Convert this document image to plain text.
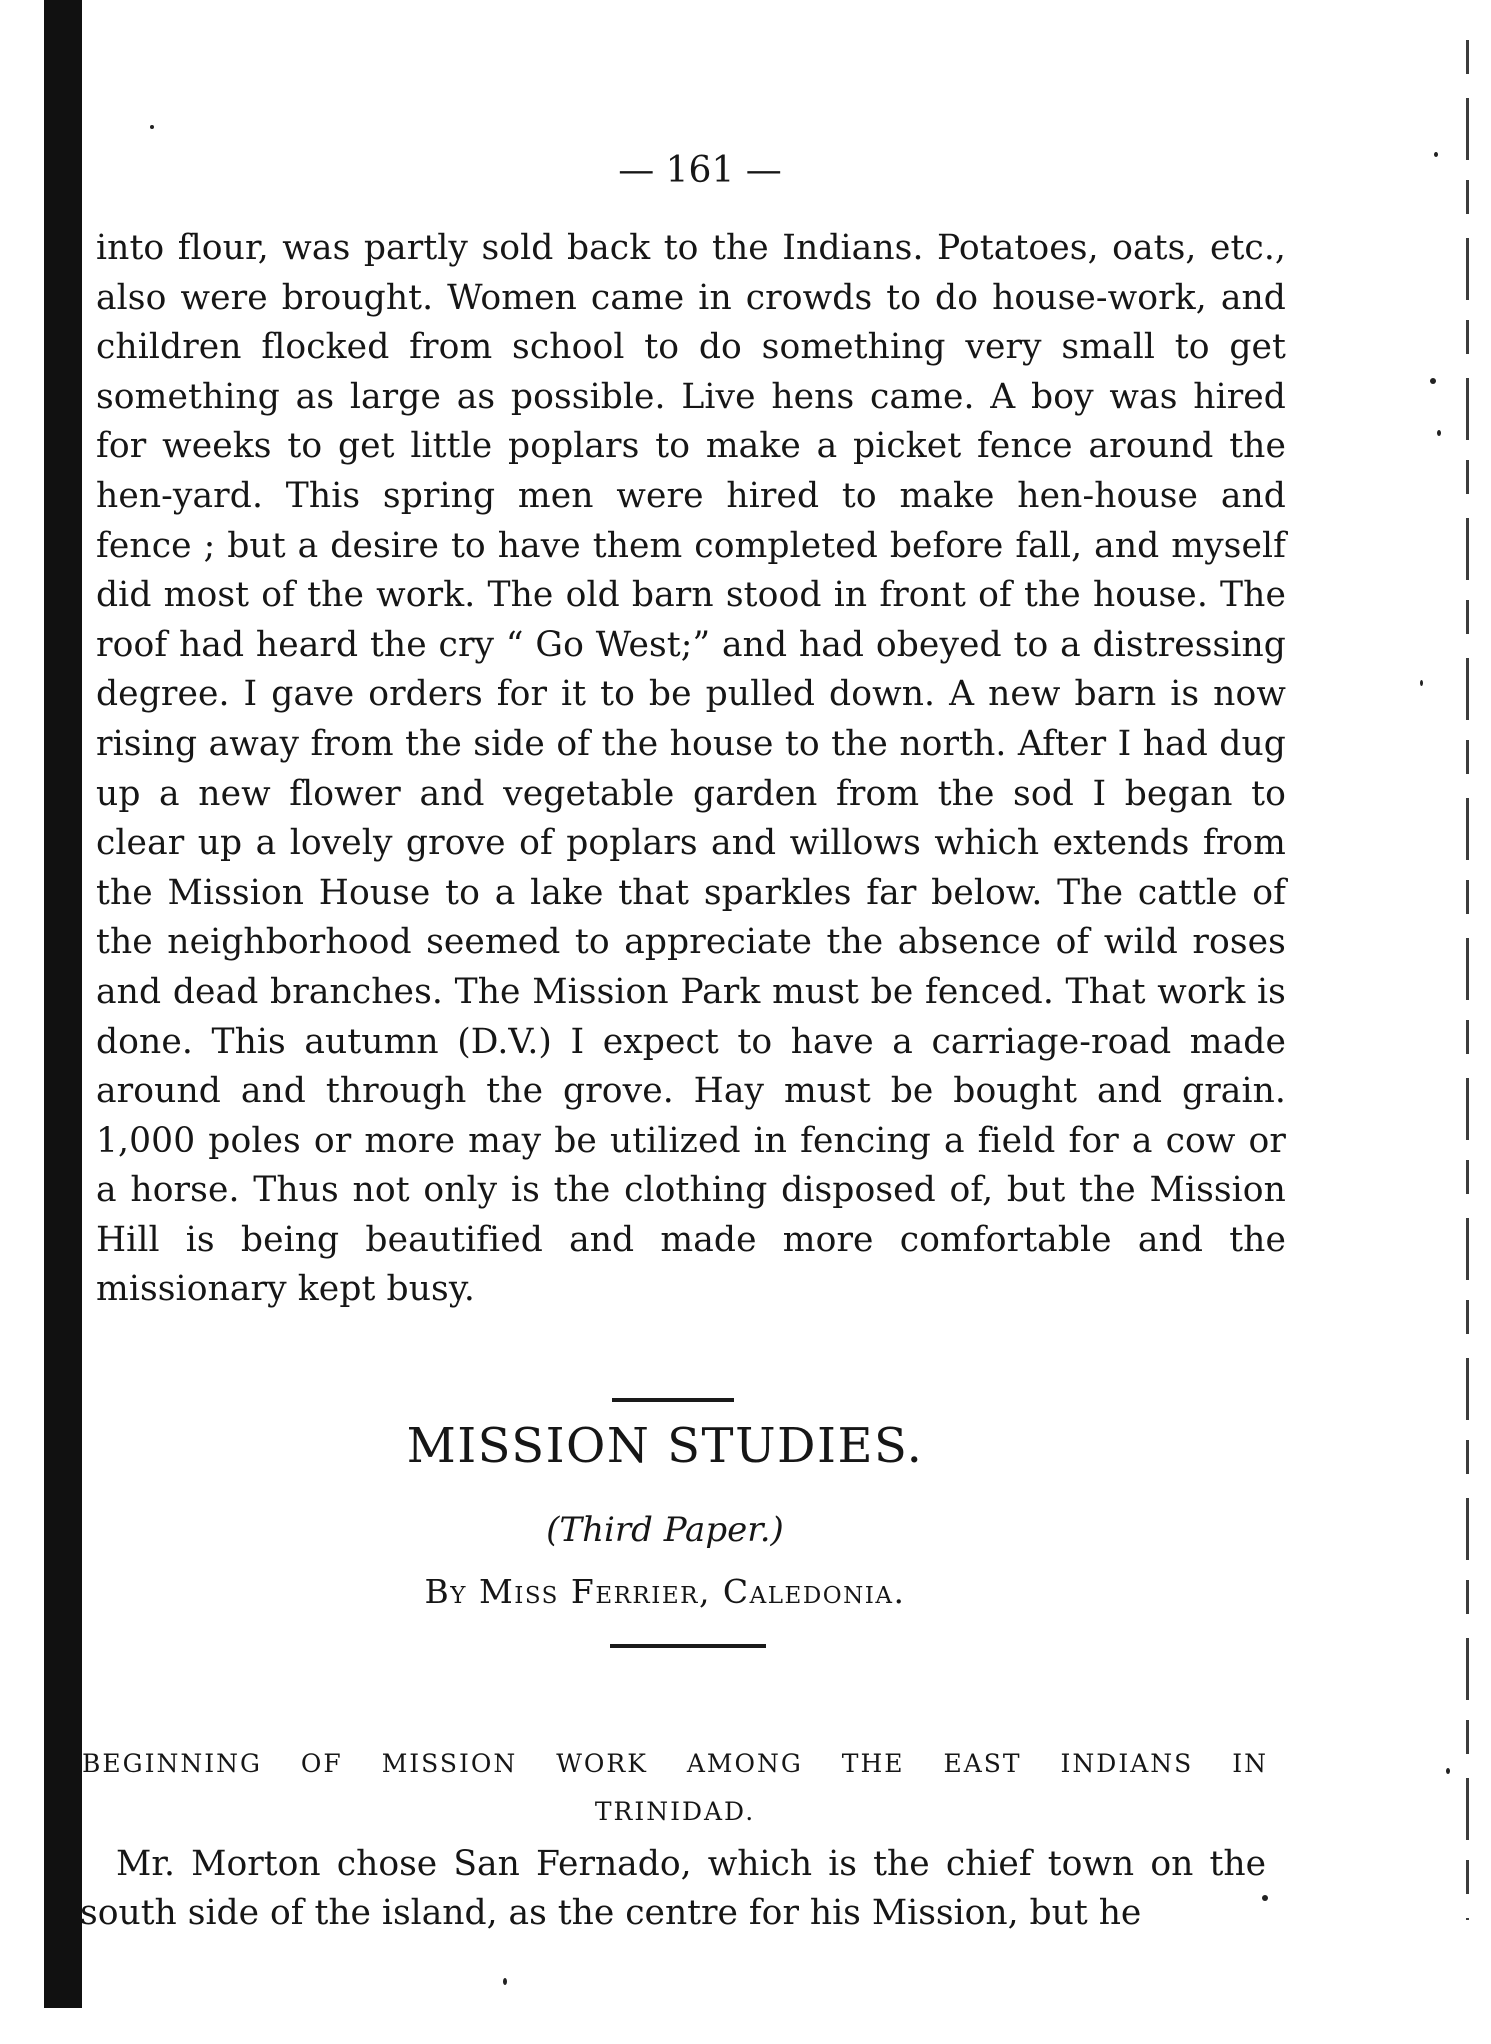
— 161 —

into flour, was partly sold back to the Indians. Potatoes, oats, etc., also were brought. Women came in crowds to do house-work, and children flocked from school to do something very small to get something as large as possible. Live hens came. A boy was hired for weeks to get little poplars to make a picket fence around the hen-yard. This spring men were hired to make hen-house and fence ; but a desire to have them completed before fall, and myself did most of the work. The old barn stood in front of the house. The roof had heard the cry “ Go West;” and had obeyed to a distressing degree. I gave orders for it to be pulled down. A new barn is now rising away from the side of the house to the north. After I had dug up a new flower and vegetable garden from the sod I began to clear up a lovely grove of poplars and willows which extends from the Mission House to a lake that sparkles far below. The cattle of the neighborhood seemed to appreciate the absence of wild roses and dead branches. The Mission Park must be fenced. That work is done. This autumn (D.V.) I expect to have a carriage-road made around and through the grove. Hay must be bought and grain. 1,000 poles or more may be utilized in fencing a field for a cow or a horse. Thus not only is the clothing disposed of, but the Mission Hill is being beautified and made more comfortable and the missionary kept busy.

MISSION STUDIES.
(Third Paper.)
By Miss Ferrier, Caledonia.
BEGINNING OF MISSION WORK AMONG THE EAST INDIANS IN
TRINIDAD.

Mr. Morton chose San Fernado, which is the chief town on the south side of the island, as the centre for his Mission, but he
